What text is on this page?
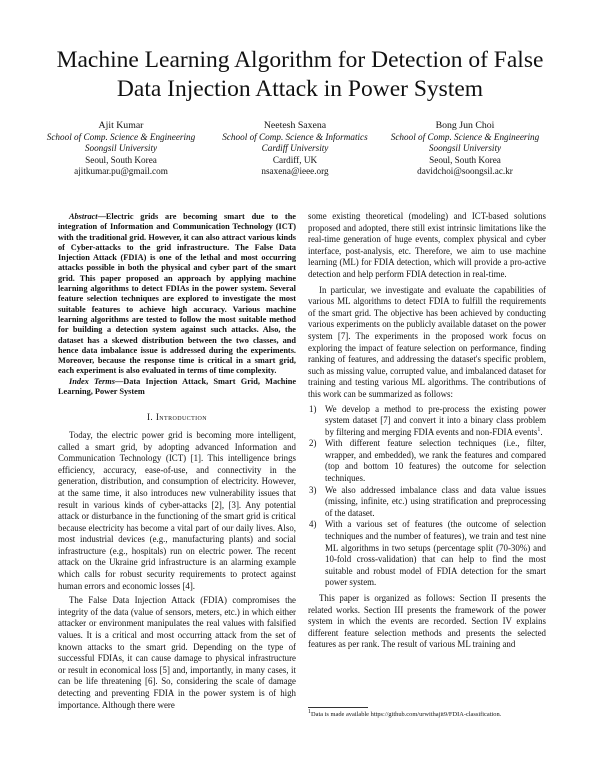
Machine Learning Algorithm for Detection of False
Data Injection Attack in Power System
Ajit Kumar
School of Comp. Science & Engineering
Soongsil University
Seoul, South Korea
ajitkumar.pu@gmail.com
Neetesh Saxena
School of Comp. Science & Informatics
Cardiff University
Cardiff, UK
nsaxena@ieee.org
Bong Jun Choi
School of Comp. Science & Engineering
Soongsil University
Seoul, South Korea
davidchoi@soongsil.ac.kr

Abstract—Electric grids are becoming smart due to the integration of Information and Communication Technology (ICT) with the traditional grid. However, it can also attract various kinds of Cyber-attacks to the grid infrastructure. The False Data Injection Attack (FDIA) is one of the lethal and most occurring attacks possible in both the physical and cyber part of the smart grid. This paper proposed an approach by applying machine learning algorithms to detect FDIAs in the power system. Several feature selection techniques are explored to investigate the most suitable features to achieve high accuracy. Various machine learning algorithms are tested to follow the most suitable method for building a detection system against such attacks. Also, the dataset has a skewed distribution between the two classes, and hence data imbalance issue is addressed during the experiments. Moreover, because the response time is critical in a smart grid, each experiment is also evaluated in terms of time complexity.

Index Terms—Data Injection Attack, Smart Grid, Machine Learning, Power System

I. Introduction

Today, the electric power grid is becoming more intelligent, called a smart grid, by adopting advanced Information and Communication Technology (ICT) [1]. This intelligence brings efficiency, accuracy, ease-of-use, and connectivity in the generation, distribution, and consumption of electricity. However, at the same time, it also introduces new vulnerability issues that result in various kinds of cyber-attacks [2], [3]. Any potential attack or disturbance in the functioning of the smart grid is critical because electricity has become a vital part of our daily lives. Also, most industrial devices (e.g., manufacturing plants) and social infrastructure (e.g., hospitals) run on electric power. The recent attack on the Ukraine grid infrastructure is an alarming example which calls for robust security requirements to protect against human errors and economic losses [4].

The False Data Injection Attack (FDIA) compromises the integrity of the data (value of sensors, meters, etc.) in which either attacker or environment manipulates the real values with falsified values. It is a critical and most occurring attack from the set of known attacks to the smart grid. Depending on the type of successful FDIAs, it can cause damage to physical infrastructure or result in economical loss [5] and, importantly, in many cases, it can be life threatening [6]. So, considering the scale of damage detecting and preventing FDIA in the power system is of high importance. Although there were

some existing theoretical (modeling) and ICT-based solutions proposed and adopted, there still exist intrinsic limitations like the real-time generation of huge events, complex physical and cyber interface, post-analysis, etc. Therefore, we aim to use machine learning (ML) for FDIA detection, which will provide a pro-active detection and help perform FDIA detection in real-time.

In particular, we investigate and evaluate the capabilities of various ML algorithms to detect FDIA to fulfill the requirements of the smart grid. The objective has been achieved by conducting various experiments on the publicly available dataset on the power system [7]. The experiments in the proposed work focus on exploring the impact of feature selection on performance, finding ranking of features, and addressing the dataset's specific problem, such as missing value, corrupted value, and imbalanced dataset for training and testing various ML algorithms. The contributions of this work can be summarized as follows:

1) We develop a method to pre-process the existing power system dataset [7] and convert it into a binary class problem by filtering and merging FDIA events and non-FDIA events$^1$.
2) With different feature selection techniques (i.e., filter, wrapper, and embedded), we rank the features and compared (top and bottom 10 features) the outcome for selection techniques.
3) We also addressed imbalance class and data value issues (missing, infinite, etc.) using stratification and preprocessing of the dataset.
4) With a various set of features (the outcome of selection techniques and the number of features), we train and test nine ML algorithms in two setups (percentage split (70-30%) and 10-fold cross-validation) that can help to find the most suitable and robust model of FDIA detection for the smart power system.

This paper is organized as follows: Section II presents the related works. Section III presents the framework of the power system in which the events are recorded. Section IV explains different feature selection methods and presents the selected features as per rank. The result of various ML training and

$^1$Data is made available https://github.com/urwithajit9/FDIA-classification.
